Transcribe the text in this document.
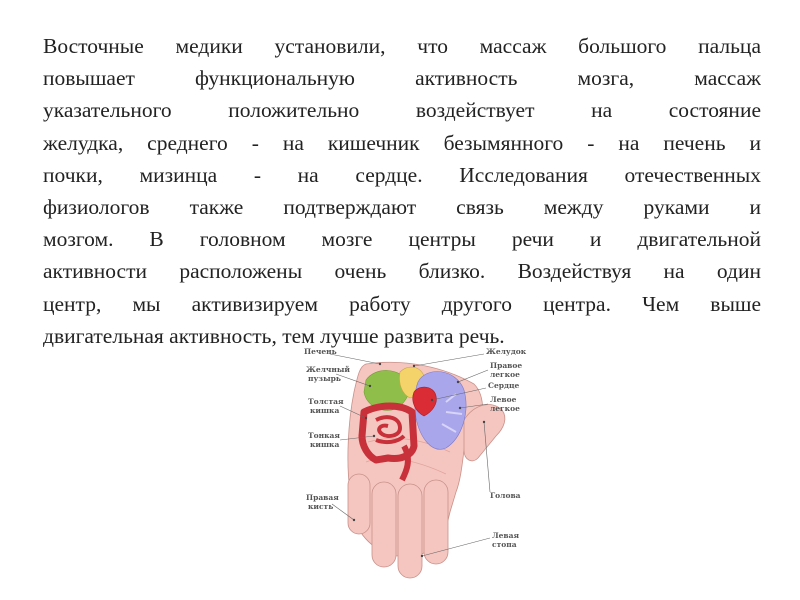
Восточные медики установили, что массаж большого пальца
повышает функциональную активность мозга, массаж
указательного положительно воздействует на состояние
желудка, среднего - на кишечник безымянного - на печень и
почки, мизинца - на сердце. Исследования отечественных
физиологов также подтверждают связь между руками и
мозгом. В головном мозге центры речи и двигательной
активности расположены очень близко. Воздействуя на один
центр, мы активизируем работу другого центра. Чем выше
двигательная активность, тем лучше развита речь.
Печень
Желчный
пузырь
Толстая
кишка
Тонкая
кишка
Правая
кисть
Желудок
Правое
легкое
Сердце
Левое
легкое
Голова
Левая
стопа
